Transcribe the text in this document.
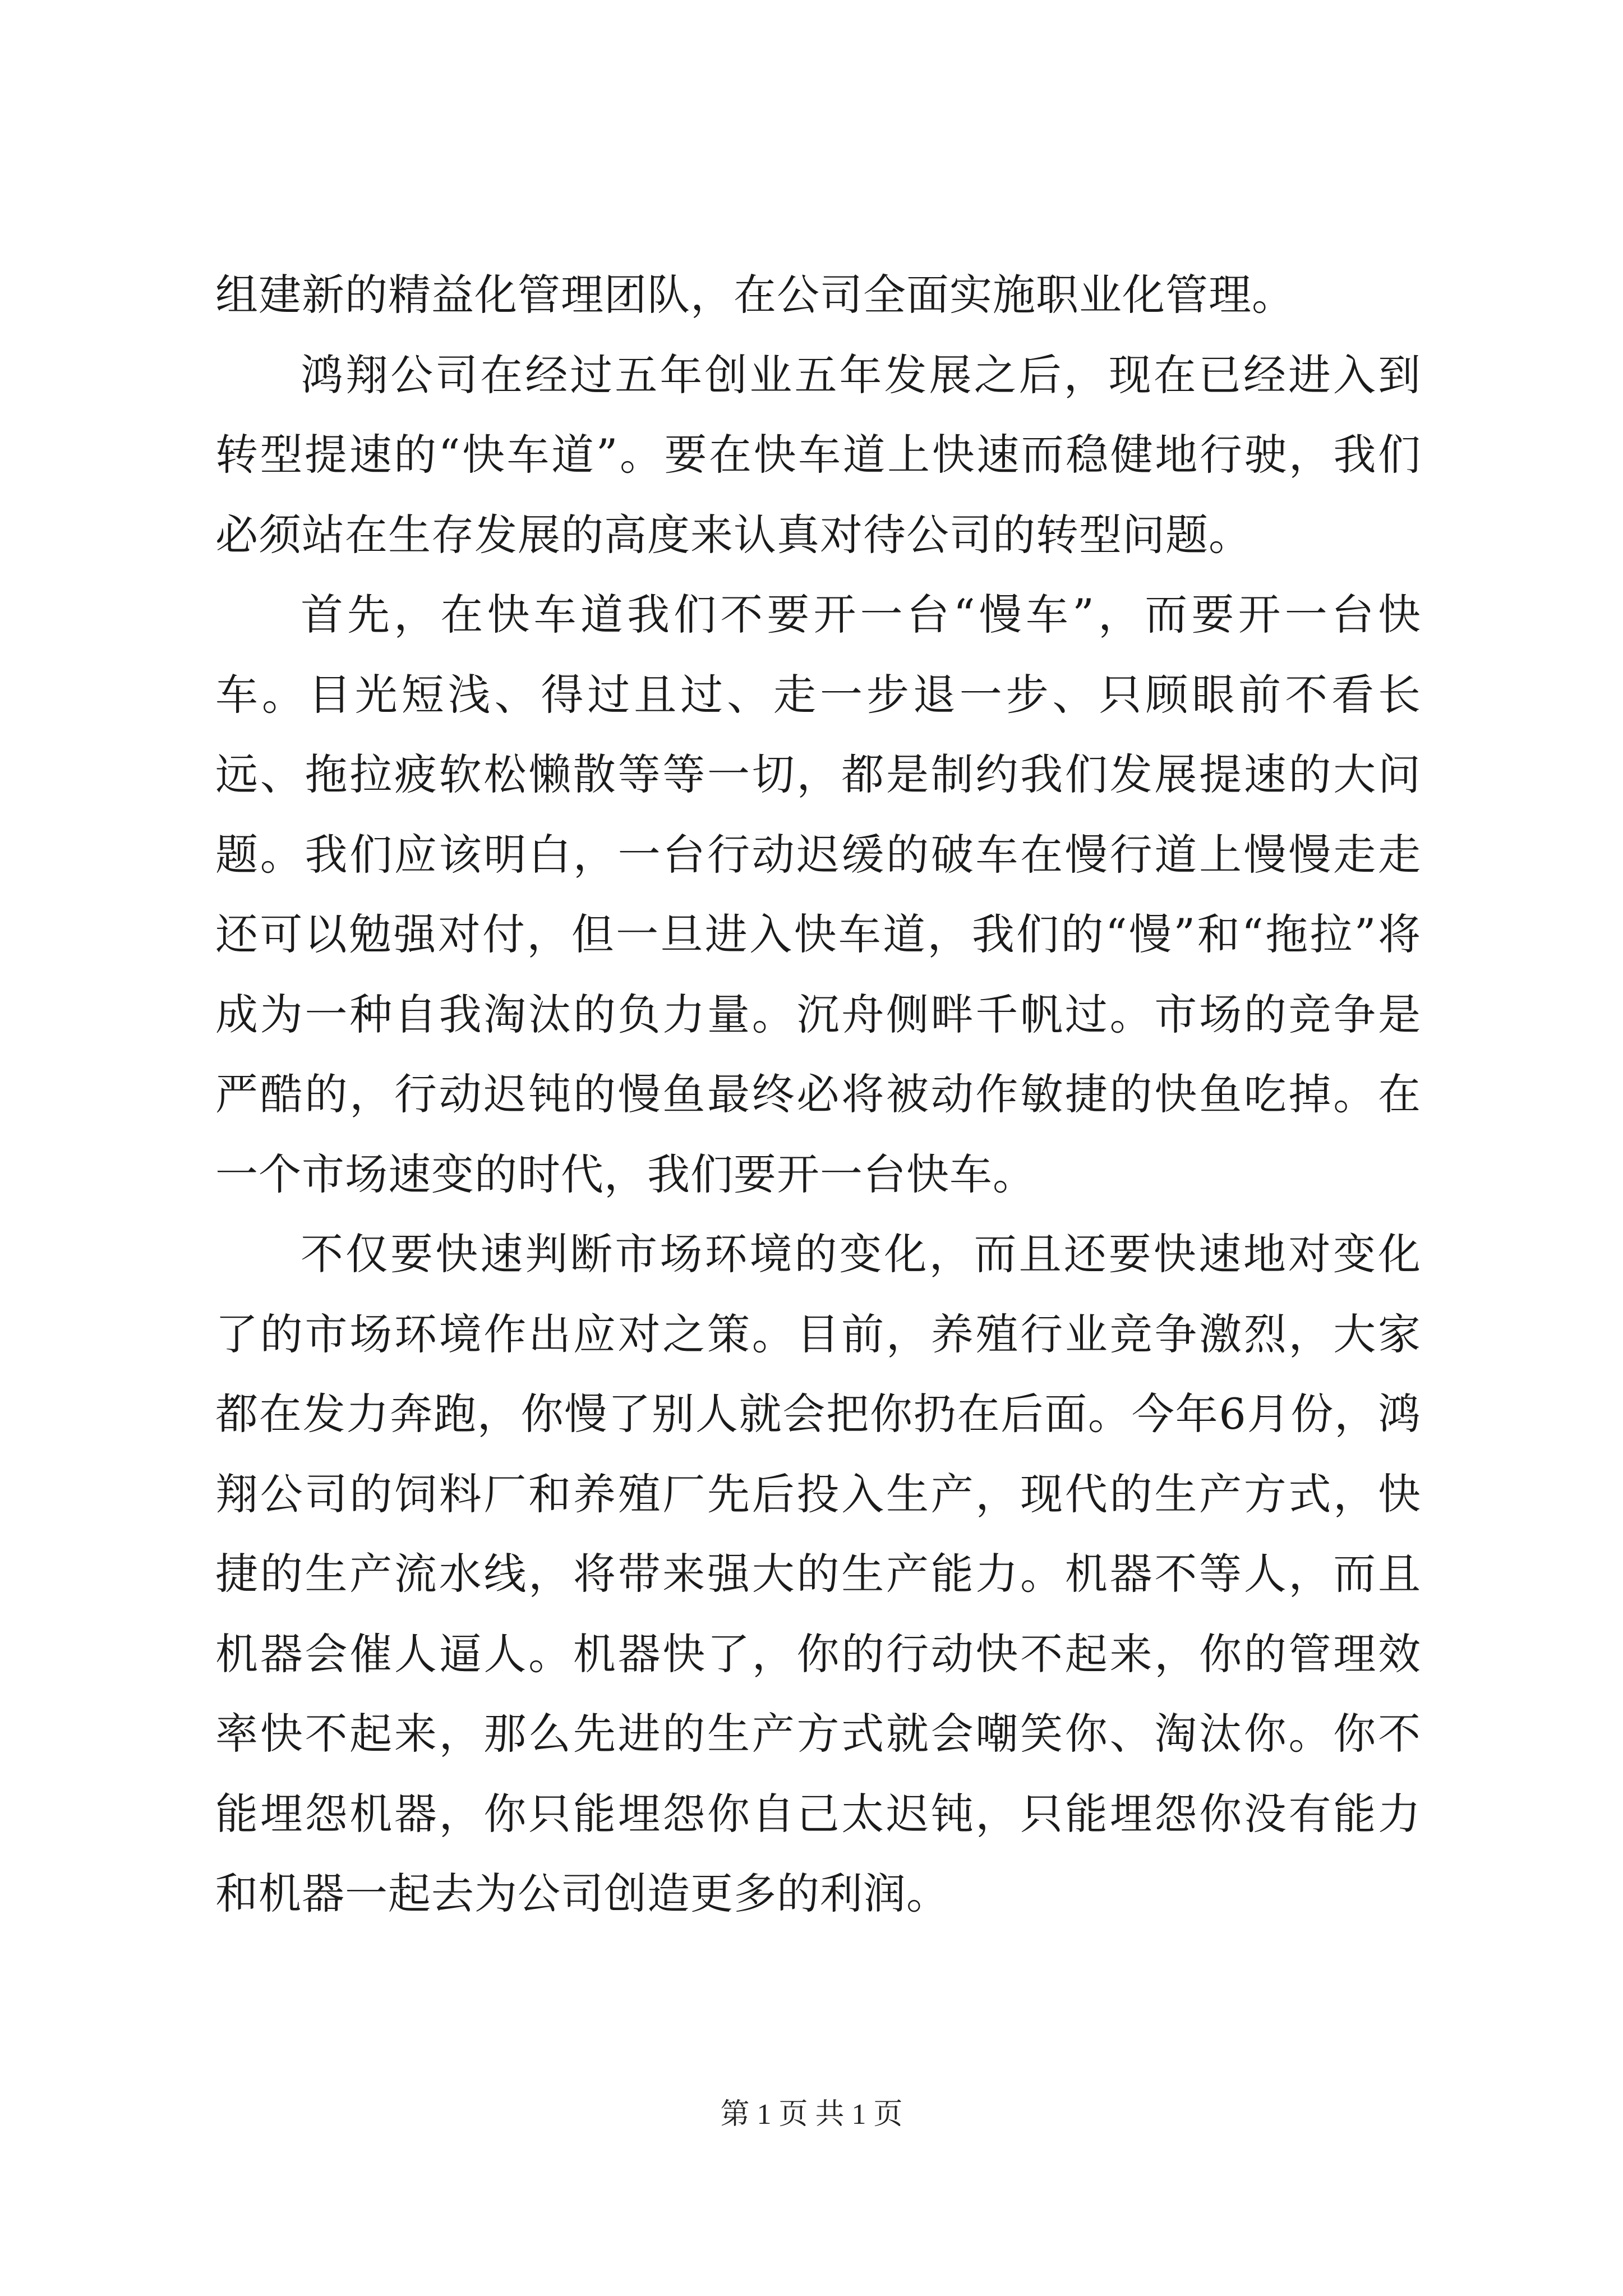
组建新的精益化管理团队，在公司全面实施职业化管理。

鸿翔公司在经过五年创业五年发展之后，现在已经进入到转型提速的“快车道”。要在快车道上快速而稳健地行驶，我们必须站在生存发展的高度来认真对待公司的转型问题。

首先，在快车道我们不要开一台“慢车”，而要开一台快车。目光短浅、得过且过、走一步退一步、只顾眼前不看长远、拖拉疲软松懒散等等一切，都是制约我们发展提速的大问题。我们应该明白，一台行动迟缓的破车在慢行道上慢慢走走还可以勉强对付，但一旦进入快车道，我们的“慢”和“拖拉”将成为一种自我淘汰的负力量。沉舟侧畔千帆过。市场的竞争是严酷的，行动迟钝的慢鱼最终必将被动作敏捷的快鱼吃掉。在一个市场速变的时代，我们要开一台快车。

不仅要快速判断市场环境的变化，而且还要快速地对变化了的市场环境作出应对之策。目前，养殖行业竞争激烈，大家都在发力奔跑，你慢了别人就会把你扔在后面。今年6月份，鸿翔公司的饲料厂和养殖厂先后投入生产，现代的生产方式，快捷的生产流水线，将带来强大的生产能力。机器不等人，而且机器会催人逼人。机器快了，你的行动快不起来，你的管理效率快不起来，那么先进的生产方式就会嘲笑你、淘汰你。你不能埋怨机器，你只能埋怨你自己太迟钝，只能埋怨你没有能力和机器一起去为公司创造更多的利润。

第 1 页 共 1 页
